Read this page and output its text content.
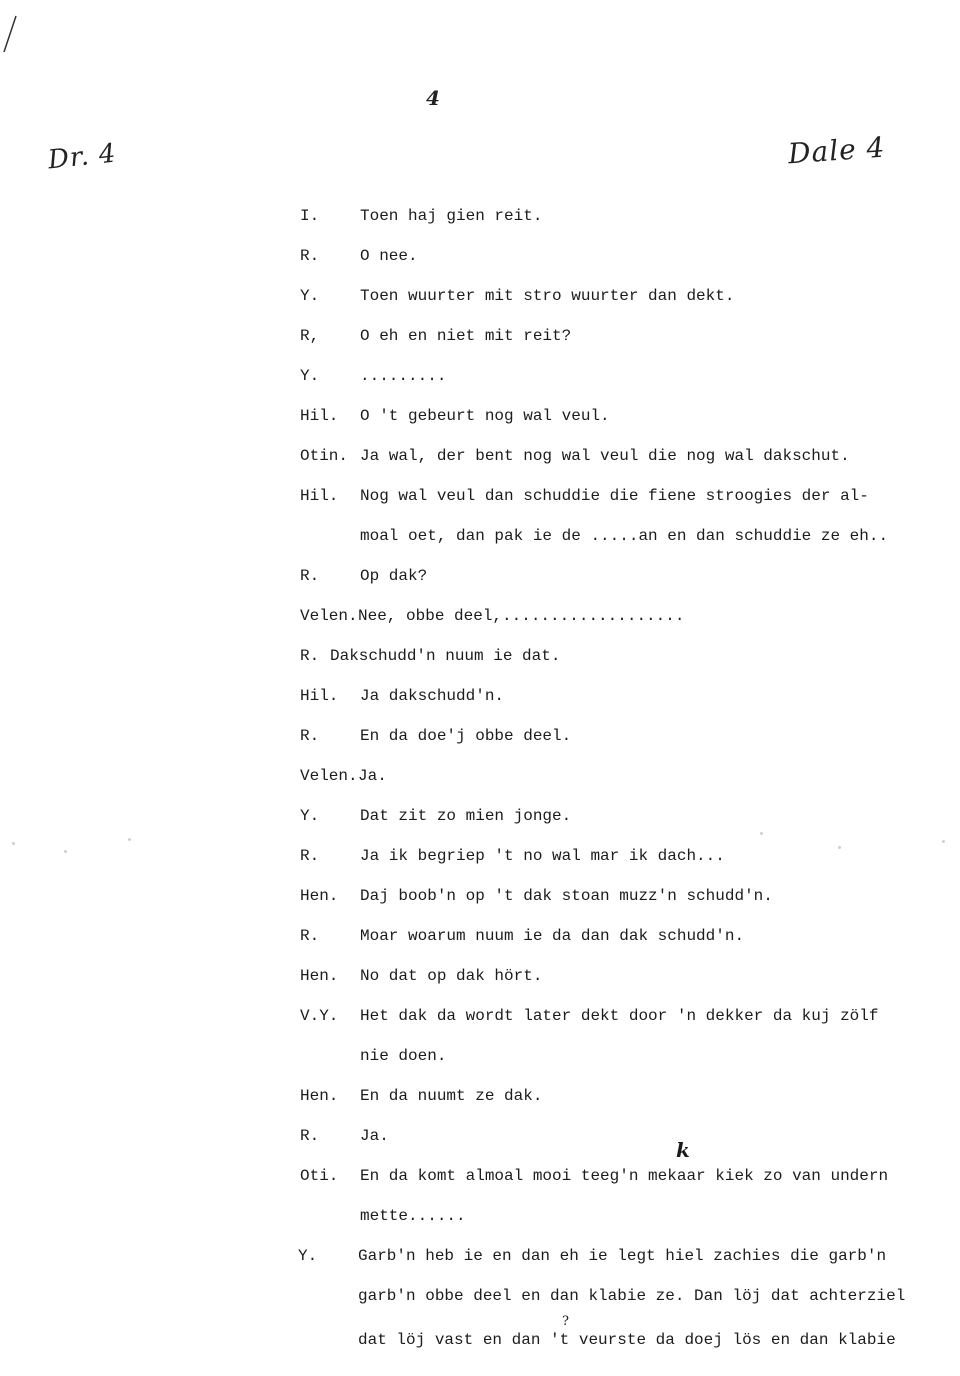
4
Dr. 4	Dale 4
I.	Toen haj gien reit.
R.	O nee.
Y.	Toen wuurter mit stro wuurter dan dekt.
R,	O eh en niet mit reit?
Y.	.........
Hil. O 't gebeurt nog wal veul.
Otin. Ja wal, der bent nog wal veul die nog wal dakschut.
Hil. Nog wal veul dan schuddie die fiene stroogies der al-
moal oet, dan pak ie de .....an en dan schuddie ze eh..
R.	Op dak?
Velen. Nee, obbe deel,...................
R. Dakschudd'n nuum ie dat.
Hil. Ja dakschudd'n.
R.	En da doe'j obbe deel.
Velen. Ja.
Y.	Dat zit zo mien jonge.
R.	Ja ik begriep 't no wal mar ik dach...
Hen. Daj boob'n op 't dak stoan muzz'n schudd'n.
R.	Moar woarum nuum ie da dan dak schudd'n.
Hen. No dat op dak hört.
V.Y. Het dak da wordt later dekt door 'n dekker da kuj zölf
nie doen.
Hen. En da nuumt ze dak.
R.	Ja.
Oti. En da komt almoal mooi teeg'n mekaar kiek zo van undern
mette......
Y.	Garb'n heb ie en dan eh ie legt hiel zachies die garb'n
garb'n obbe deel en dan klabie ze. Dan löj dat achterziel
dat löj vast en dan 't veurste da doej lös en dan klabie
k
?
